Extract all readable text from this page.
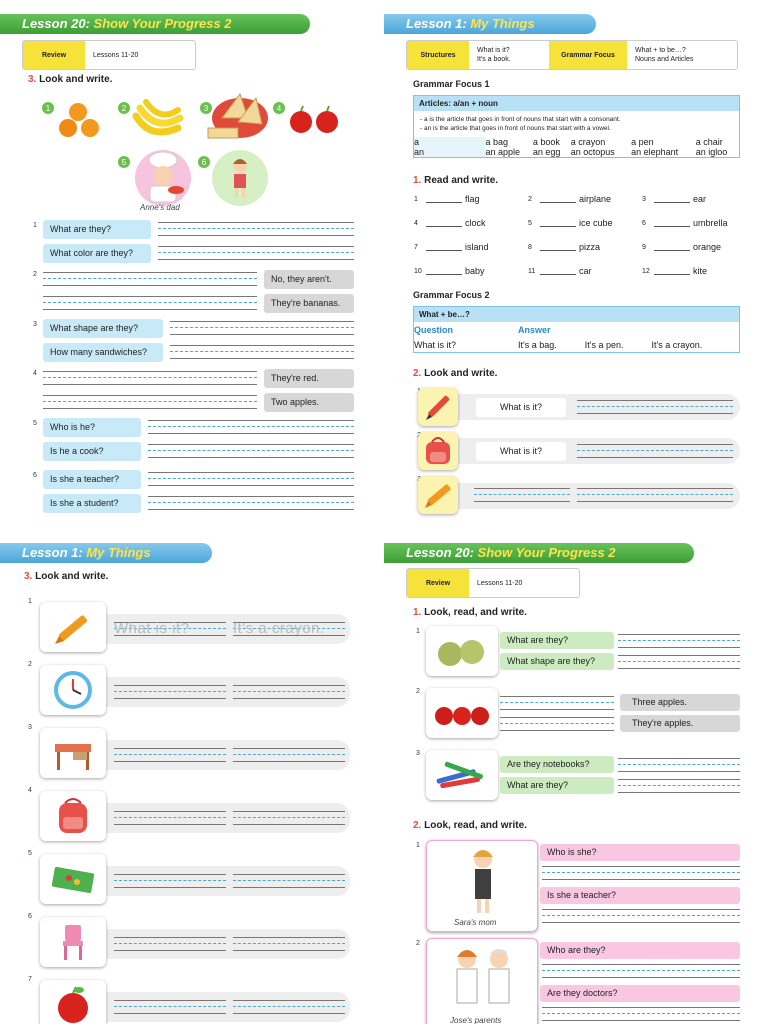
Lesson 20: Show Your Progress 2
Review	Lessons 11-20
3. Look and write.
1	2	3	4
5	6
Anne's dad
1	What are they?
What color are they?
2	No, they aren't.
They're bananas.
3	What shape are they?
How many sandwiches?
4	They're red.
Two apples.
5	Who is he?
Is he a cook?
6	Is she a teacher?
Is she a student?
Lesson 1: My Things
Structures
What is it?
It's a book.
Grammar Focus
What + to be…?
Nouns and Articles
Grammar Focus 1
Articles: a/an + noun
- a is the article that goes in front of nouns that start with a consonant.
- an is the article that goes in front of nouns that start with a vowel.
a	a bag	a book	a crayon	a pen	a chair
an	an apple	an egg	an octopus	an elephant	an igloo
1. Read and write.
1	flag	2	airplane	3	ear
4	clock	5	ice cube	6	umbrella
7	island	8	pizza	9	orange
10	baby	11	car	12	kite
Grammar Focus 2
What + be…?
Question	Answer		
What is it?	It's a bag.	It's a pen.	It's a crayon.
2. Look and write.
What is it?
What is it?
Lesson 1: My Things
3. Look and write.
1
What is it?	It's a crayon.
2
3
4
5
6
7
Lesson 20: Show Your Progress 2
Review	Lessons 11-20
1. Look, read, and write.
1
What are they?
What shape are they?
2
Three apples.
They're apples.
3
Are they notebooks?
What are they?
2. Look, read, and write.
1
Sara's mom
Who is she?
Is she a teacher?
2
Who are they?
Are they doctors?
Jose's parents
